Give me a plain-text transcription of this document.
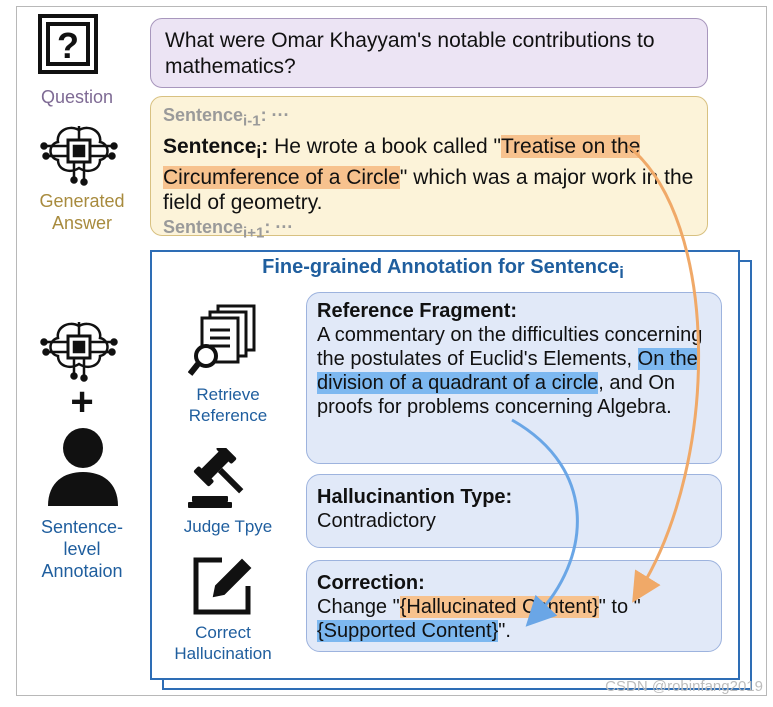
?
Question
Generated
Answer
What were Omar Khayyam's notable contributions to mathematics?
Sentence$_{i-1}$: ···
Sentence$_i$: He wrote a book called "Treatise on the Circumference of a Circle" which was a major work in the field of geometry.
Sentence$_{i+1}$: ···
Fine-grained Annotation for Sentence$_i$
+
Sentence-
level
Annotaion
Retrieve
Reference
Judge Tpye
Correct
Hallucination
Reference Fragment:
A commentary on the difficulties concerning the postulates of Euclid's Elements, On the division of a quadrant of a circle, and On proofs for problems concerning Algebra.
Hallucinantion Type:
Contradictory
Correction:
Change "{Hallucinated Content}" to "{Supported Content}".
CSDN @robinfang2019
